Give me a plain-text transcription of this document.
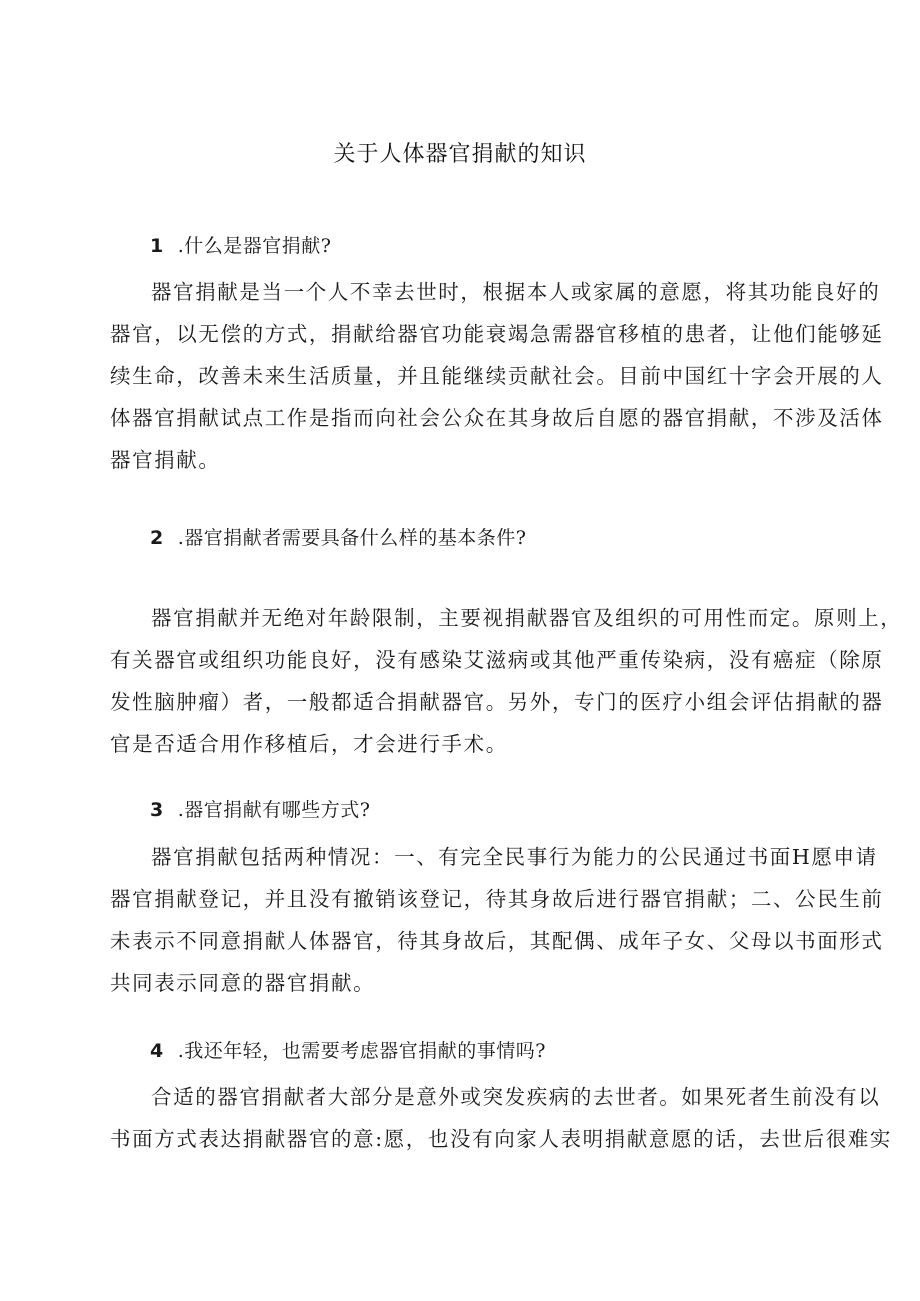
关于人体器官捐献的知识
1 .什么是器官捐献?
器官捐献是当一个人不幸去世时，根据本人或家属的意愿，将其功能良好的
器官，以无偿的方式，捐献给器官功能衰竭急需器官移植的患者，让他们能够延
续生命，改善未来生活质量，并且能继续贡献社会。目前中国红十字会开展的人
体器官捐献试点工作是指而向社会公众在其身故后自愿的器官捐献，不涉及活体
器官捐献。
2 .器官捐献者需要具备什么样的基本条件?
器官捐献并无绝对年龄限制，主要视捐献器官及组织的可用性而定。原则上，
有关器官或组织功能良好，没有感染艾滋病或其他严重传染病，没有癌症（除原
发性脑肿瘤）者，一般都适合捐献器官。另外，专门的医疗小组会评估捐献的器
官是否适合用作移植后，才会进行手术。
3 .器官捐献有哪些方式?
器官捐献包括两种情况：一、有完全民事行为能力的公民通过书面H愿申请
器官捐献登记，并且没有撤销该登记，待其身故后进行器官捐献；二、公民生前
未表示不同意捐献人体器官，待其身故后，其配偶、成年子女、父母以书面形式
共同表示同意的器官捐献。
4 .我还年轻，也需要考虑器官捐献的事情吗?
合适的器官捐献者大部分是意外或突发疾病的去世者。如果死者生前没有以
书面方式表达捐献器官的意:愿，也没有向家人表明捐献意愿的话，去世后很难实
